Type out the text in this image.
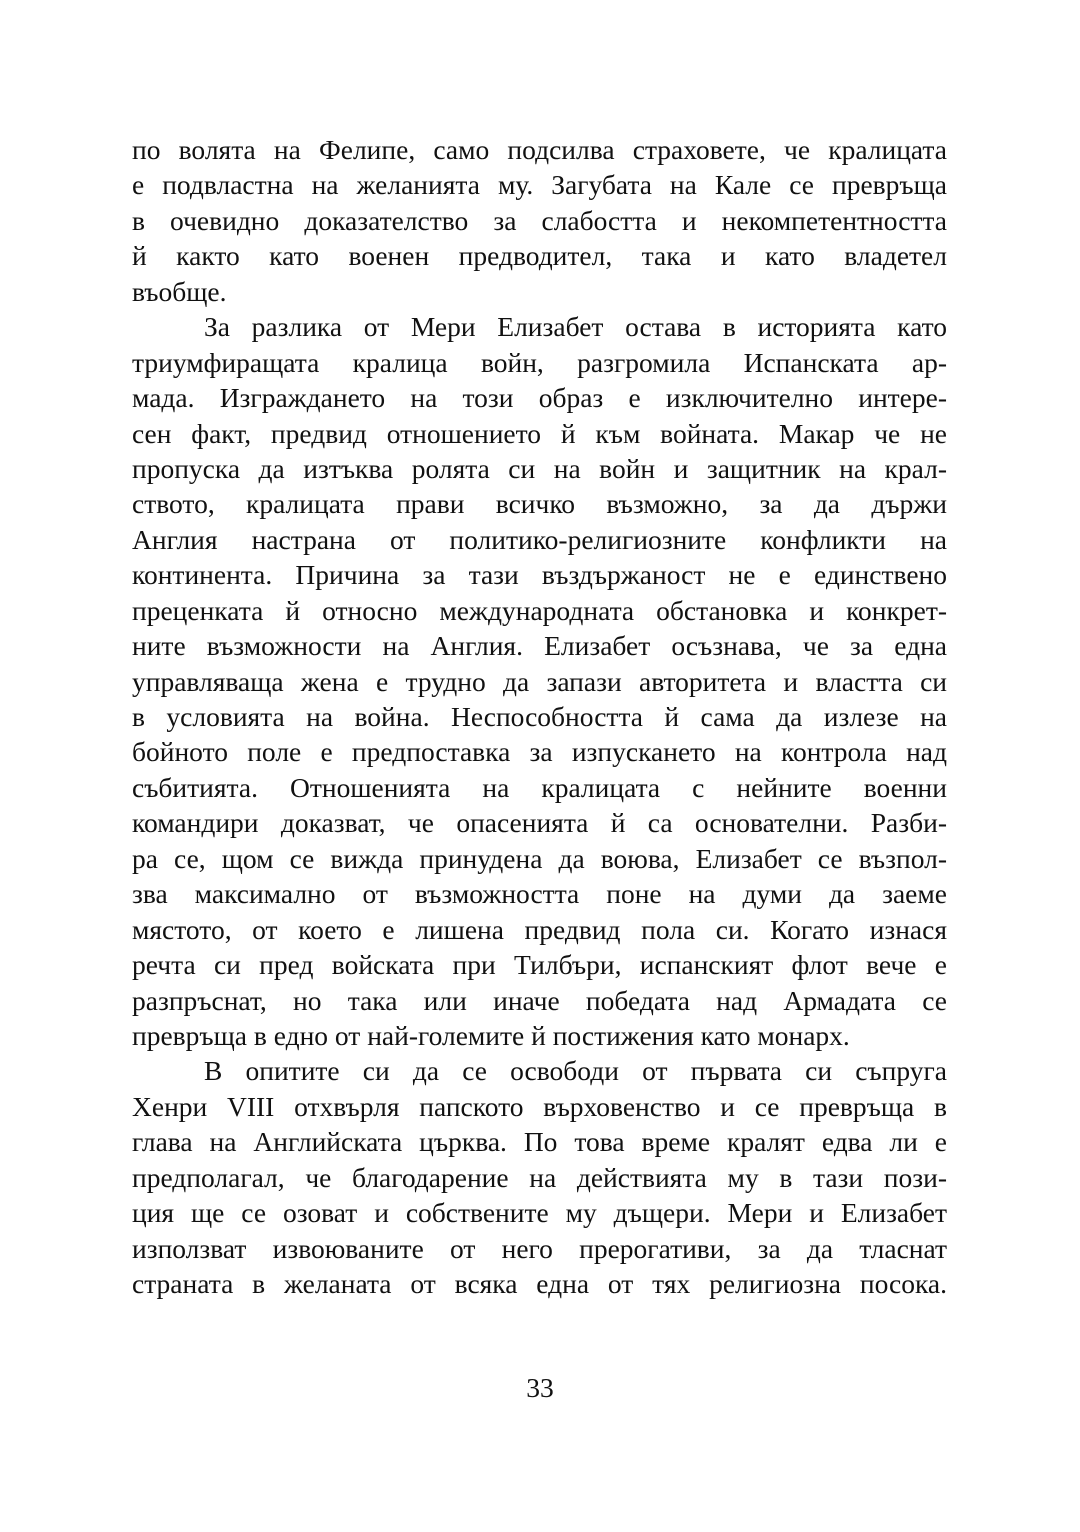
по волята на Фелипе, само подсилва страховете, че кралицата
е подвластна на желанията му. Загубата на Кале се превръща
в очевидно доказателство за слабостта и некомпетентността
й както като военен предводител, така и като владетел
въобще.
За разлика от Мери Елизабет остава в историята като
триумфиращата кралица войн, разгромила Испанската ар-
мада. Изграждането на този образ е изключително интере-
сен факт, предвид отношението й към войната. Макар че не
пропуска да изтъква ролята си на войн и защитник на крал-
ството, кралицата прави всичко възможно, за да държи
Англия настрана от политико-религиозните конфликти на
континента. Причина за тази въздържаност не е единствено
преценката й относно международната обстановка и конкрет-
ните възможности на Англия. Елизабет осъзнава, че за една
управляваща жена е трудно да запази авторитета и властта си
в условията на война. Неспособността й сама да излезе на
бойното поле е предпоставка за изпускането на контрола над
събитията. Отношенията на кралицата с нейните военни
командири доказват, че опасенията й са основателни. Разби-
ра се, щом се вижда принудена да воюва, Елизабет се възпол-
зва максимално от възможността поне на думи да заеме
мястото, от което е лишена предвид пола си. Когато изнася
речта си пред войската при Тилбъри, испанският флот вече е
разпръснат, но така или иначе победата над Армадата се
превръща в едно от най-големите й постижения като монарх.
В опитите си да се освободи от първата си съпруга
Хенри VIII отхвърля папското върховенство и се превръща в
глава на Английската църква. По това време кралят едва ли е
предполагал, че благодарение на действията му в тази пози-
ция ще се озоват и собствените му дъщери. Мери и Елизабет
използват извоюваните от него прерогативи, за да тласнат
страната в желаната от всяка една от тях религиозна посока.
33
